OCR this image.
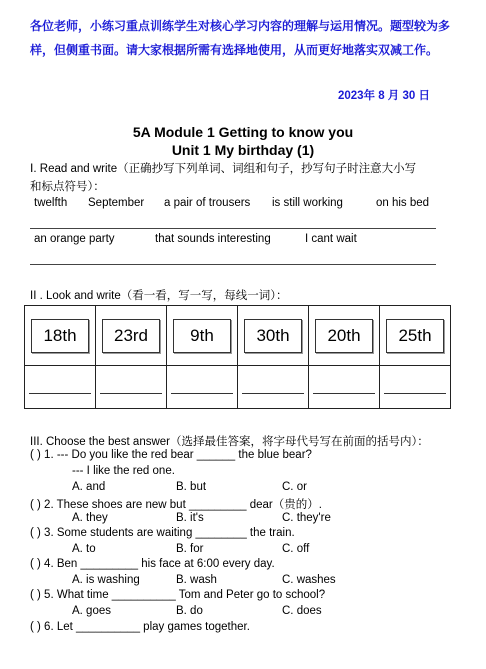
各位老师，小练习重点训练学生对核心学习内容的理解与运用情况。题型较为多样，但侧重书面。请大家根据所需有选择地使用，从而更好地落实双减工作。
2023年 8 月 30 日
5A Module 1 Getting to know you
Unit 1 My birthday (1)
Ⅰ. Read and write（正确抄写下列单词、词组和句子，抄写句子时注意大小写
和标点符号）：
twelfth September a pair of trousers is still working	on his bed
an orange party	that sounds interesting	I cant wait
II . Look and write（看一看，写一写，每线一词）：
18th	23rd	9th	30th	20th	25th

III. Choose the best answer（选择最佳答案，将字母代号写在前面的括号内）：
( ) 1. --- Do you like the red bear ______ the blue bear?
--- I like the red one.
A. and	B. but	C. or
( ) 2. These shoes are new but _________ dear（贵的）.
A. they	B. it's	C. they're
( ) 3. Some students are waiting ________ the train.
A. to	B. for	C. off
( ) 4. Ben _________ his face at 6:00 every day.
A. is washing	B. wash	C. washes
( ) 5. What time __________ Tom and Peter go to school?
A. goes	B. do	C. does
( ) 6. Let __________ play games together.
